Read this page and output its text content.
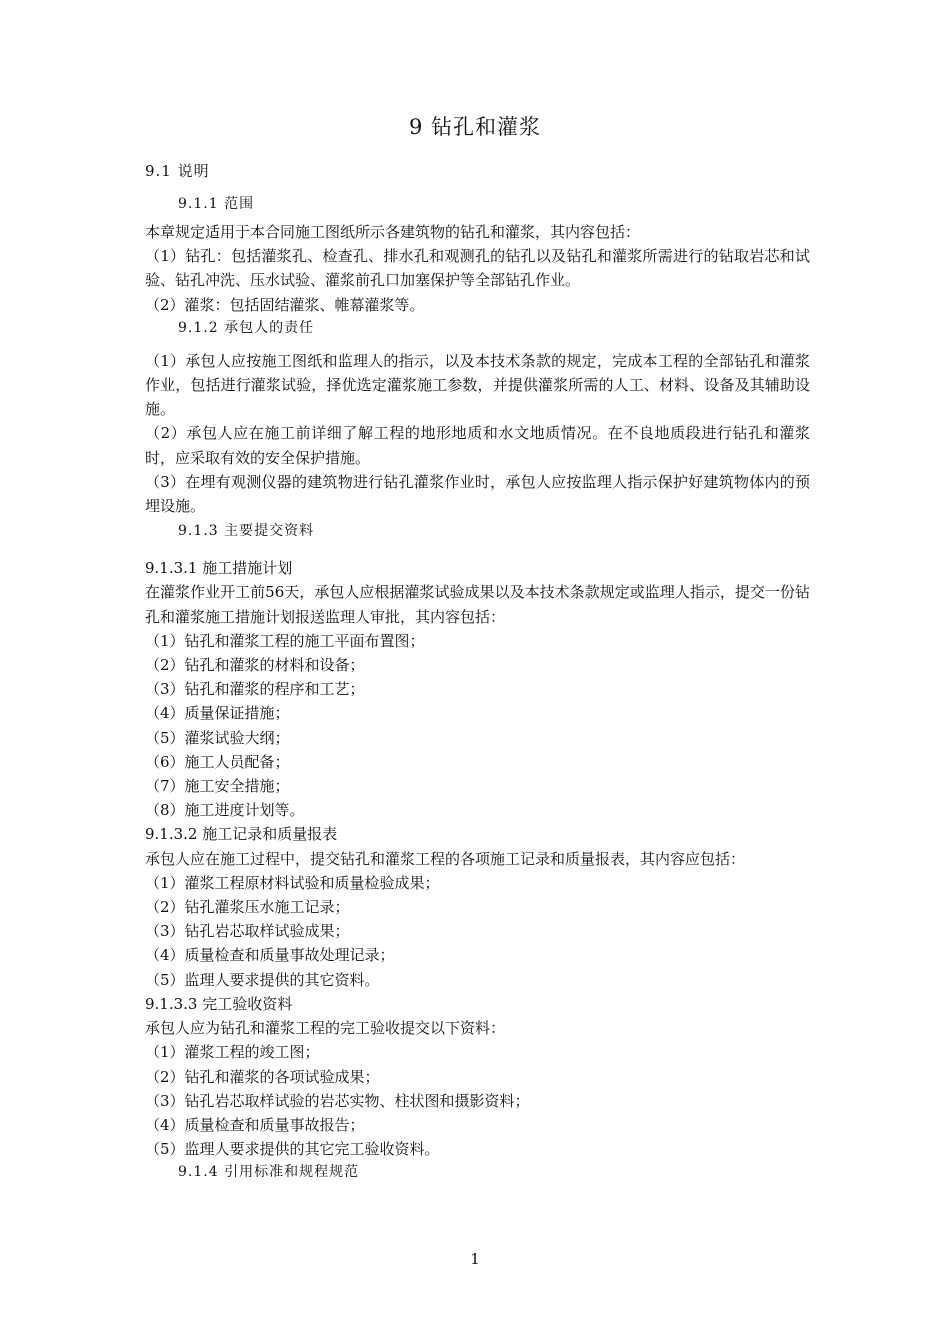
9 钻孔和灌浆

9.1 说明

9.1.1 范围

本章规定适用于本合同施工图纸所示各建筑物的钻孔和灌浆，其内容包括：

（1）钻孔：包括灌浆孔、检查孔、排水孔和观测孔的钻孔以及钻孔和灌浆所需进行的钻取岩芯和试验、钻孔冲洗、压水试验、灌浆前孔口加塞保护等全部钻孔作业。

（2）灌浆：包括固结灌浆、帷幕灌浆等。

9.1.2 承包人的责任

（1）承包人应按施工图纸和监理人的指示，以及本技术条款的规定，完成本工程的全部钻孔和灌浆作业，包括进行灌浆试验，择优选定灌浆施工参数，并提供灌浆所需的人工、材料、设备及其辅助设施。

（2）承包人应在施工前详细了解工程的地形地质和水文地质情况。在不良地质段进行钻孔和灌浆时，应采取有效的安全保护措施。

（3）在埋有观测仪器的建筑物进行钻孔灌浆作业时，承包人应按监理人指示保护好建筑物体内的预埋设施。

9.1.3 主要提交资料

9.1.3.1 施工措施计划

在灌浆作业开工前56天，承包人应根据灌浆试验成果以及本技术条款规定或监理人指示，提交一份钻孔和灌浆施工措施计划报送监理人审批，其内容包括：

（1）钻孔和灌浆工程的施工平面布置图；

（2）钻孔和灌浆的材料和设备；

（3）钻孔和灌浆的程序和工艺；

（4）质量保证措施；

（5）灌浆试验大纲；

（6）施工人员配备；

（7）施工安全措施；

（8）施工进度计划等。

9.1.3.2 施工记录和质量报表

承包人应在施工过程中，提交钻孔和灌浆工程的各项施工记录和质量报表，其内容应包括：

（1）灌浆工程原材料试验和质量检验成果；

（2）钻孔灌浆压水施工记录；

（3）钻孔岩芯取样试验成果；

（4）质量检查和质量事故处理记录；

（5）监理人要求提供的其它资料。

9.1.3.3 完工验收资料

承包人应为钻孔和灌浆工程的完工验收提交以下资料：

（1）灌浆工程的竣工图；

（2）钻孔和灌浆的各项试验成果；

（3）钻孔岩芯取样试验的岩芯实物、柱状图和摄影资料；

（4）质量检查和质量事故报告；

（5）监理人要求提供的其它完工验收资料。

9.1.4 引用标准和规程规范

1
